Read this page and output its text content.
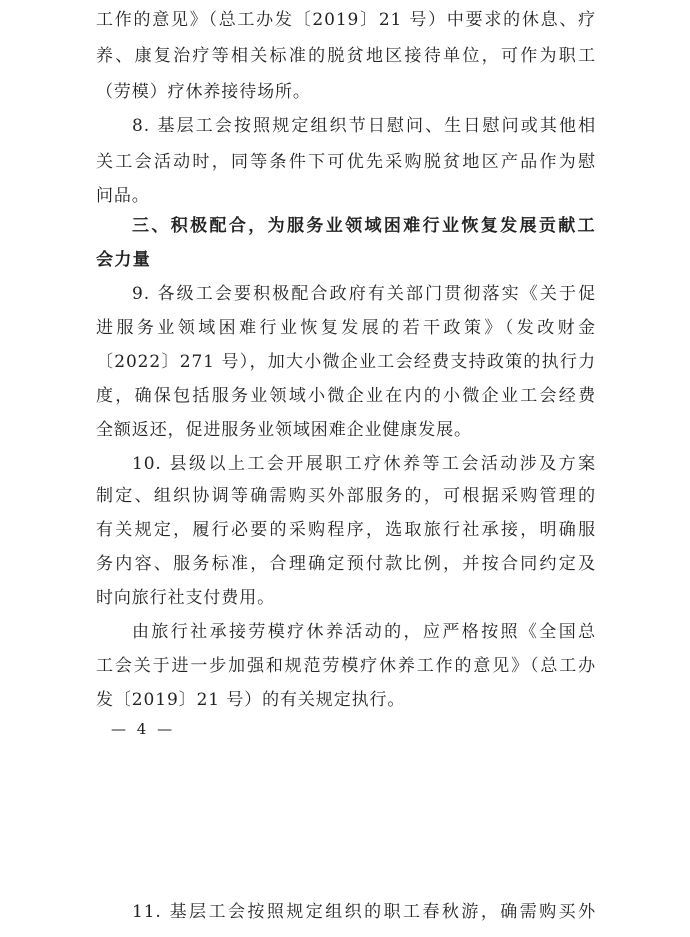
工作的意见》（总工办发〔2019〕21 号）中要求的休息、疗
养、康复治疗等相关标准的脱贫地区接待单位，可作为职工
（劳模）疗休养接待场所。
8. 基层工会按照规定组织节日慰问、生日慰问或其他相
关工会活动时，同等条件下可优先采购脱贫地区产品作为慰
问品。
三、积极配合，为服务业领域困难行业恢复发展贡献工
会力量
9. 各级工会要积极配合政府有关部门贯彻落实《关于促
进服务业领域困难行业恢复发展的若干政策》（发改财金
〔2022〕271 号），加大小微企业工会经费支持政策的执行力
度，确保包括服务业领域小微企业在内的小微企业工会经费
全额返还，促进服务业领域困难企业健康发展。
10. 县级以上工会开展职工疗休养等工会活动涉及方案
制定、组织协调等确需购买外部服务的，可根据采购管理的
有关规定，履行必要的采购程序，选取旅行社承接，明确服
务内容、服务标准，合理确定预付款比例，并按合同约定及
时向旅行社支付费用。
由旅行社承接劳模疗休养活动的，应严格按照《全国总
工会关于进一步加强和规范劳模疗休养工作的意见》（总工办
发〔2019〕21 号）的有关规定执行。
— 4 —
11. 基层工会按照规定组织的职工春秋游，确需购买外
